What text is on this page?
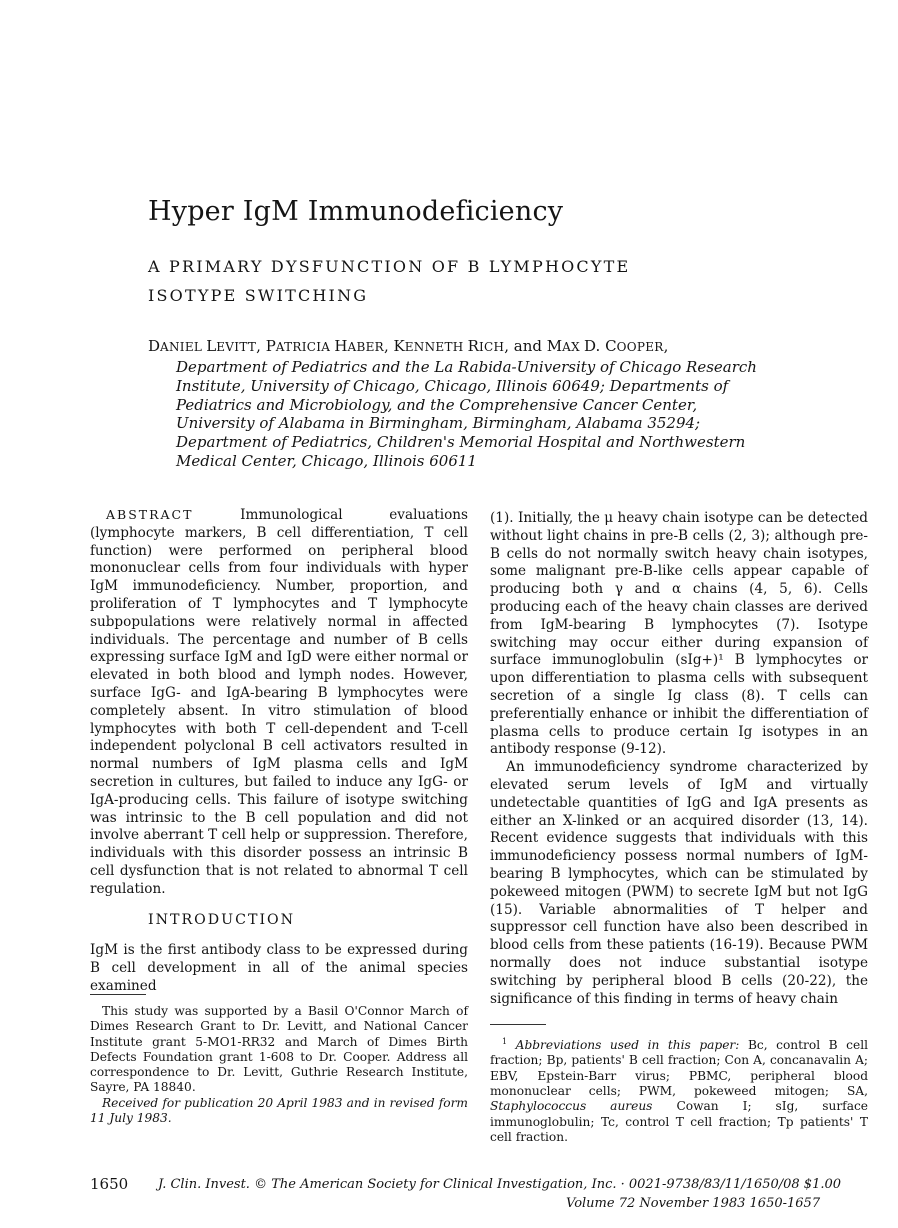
Hyper IgM Immunodeficiency
A PRIMARY DYSFUNCTION OF B LYMPHOCYTE
ISOTYPE SWITCHING
DANIEL LEVITT, PATRICIA HABER, KENNETH RICH, and MAX D. COOPER,
Department of Pediatrics and the La Rabida-University of Chicago Research
Institute, University of Chicago, Chicago, Illinois 60649; Departments of
Pediatrics and Microbiology, and the Comprehensive Cancer Center,
University of Alabama in Birmingham, Birmingham, Alabama 35294;
Department of Pediatrics, Children's Memorial Hospital and Northwestern
Medical Center, Chicago, Illinois 60611

ABSTRACT	Immunological evaluations (lymphocyte markers, B cell differentiation, T cell function) were performed on peripheral blood mononuclear cells from four individuals with hyper IgM immunodeficiency. Number, proportion, and proliferation of T lymphocytes and T lymphocyte subpopulations were relatively normal in affected individuals. The percentage and number of B cells expressing surface IgM and IgD were either normal or elevated in both blood and lymph nodes. However, surface IgG- and IgA-bearing B lymphocytes were completely absent. In vitro stimulation of blood lymphocytes with both T cell-dependent and T-cell independent polyclonal B cell activators resulted in normal numbers of IgM plasma cells and IgM secretion in cultures, but failed to induce any IgG- or IgA-producing cells. This failure of isotype switching was intrinsic to the B cell population and did not involve aberrant T cell help or suppression. Therefore, individuals with this disorder possess an intrinsic B cell dysfunction that is not related to abnormal T cell regulation.

INTRODUCTION

IgM is the first antibody class to be expressed during B cell development in all of the animal species examined

(1). Initially, the μ heavy chain isotype can be detected without light chains in pre-B cells (2, 3); although pre-B cells do not normally switch heavy chain isotypes, some malignant pre-B-like cells appear capable of producing both γ and α chains (4, 5, 6). Cells producing each of the heavy chain classes are derived from IgM-bearing B lymphocytes (7). Isotype switching may occur either during expansion of surface immunoglobulin (sIg+)¹ B lymphocytes or upon differentiation to plasma cells with subsequent secretion of a single Ig class (8). T cells can preferentially enhance or inhibit the differentiation of plasma cells to produce certain Ig isotypes in an antibody response (9-12).

An immunodeficiency syndrome characterized by elevated serum levels of IgM and virtually undetectable quantities of IgG and IgA presents as either an X-linked or an acquired disorder (13, 14). Recent evidence suggests that individuals with this immunodeficiency possess normal numbers of IgM-bearing B lymphocytes, which can be stimulated by pokeweed mitogen (PWM) to secrete IgM but not IgG (15). Variable abnormalities of T helper and suppressor cell function have also been described in blood cells from these patients (16-19). Because PWM normally does not induce substantial isotype switching by peripheral blood B cells (20-22), the significance of this finding in terms of heavy chain

This study was supported by a Basil O'Connor March of Dimes Research Grant to Dr. Levitt, and National Cancer Institute grant 5-MO1-RR32 and March of Dimes Birth Defects Foundation grant 1-608 to Dr. Cooper. Address all correspondence to Dr. Levitt, Guthrie Research Institute, Sayre, PA 18840.

Received for publication 20 April 1983 and in revised form 11 July 1983.

$^1$ Abbreviations used in this paper: Bc, control B cell fraction; Bp, patients' B cell fraction; Con A, concanavalin A; EBV, Epstein-Barr virus; PBMC, peripheral blood mononuclear cells; PWM, pokeweed mitogen; SA, Staphylococcus aureus Cowan I; sIg, surface immunoglobulin; Tc, control T cell fraction; Tp patients' T cell fraction.

1650 J. Clin. Invest. © The American Society for Clinical Investigation, Inc. · 0021-9738/83/11/1650/08 $1.00
Volume 72 November 1983 1650-1657
